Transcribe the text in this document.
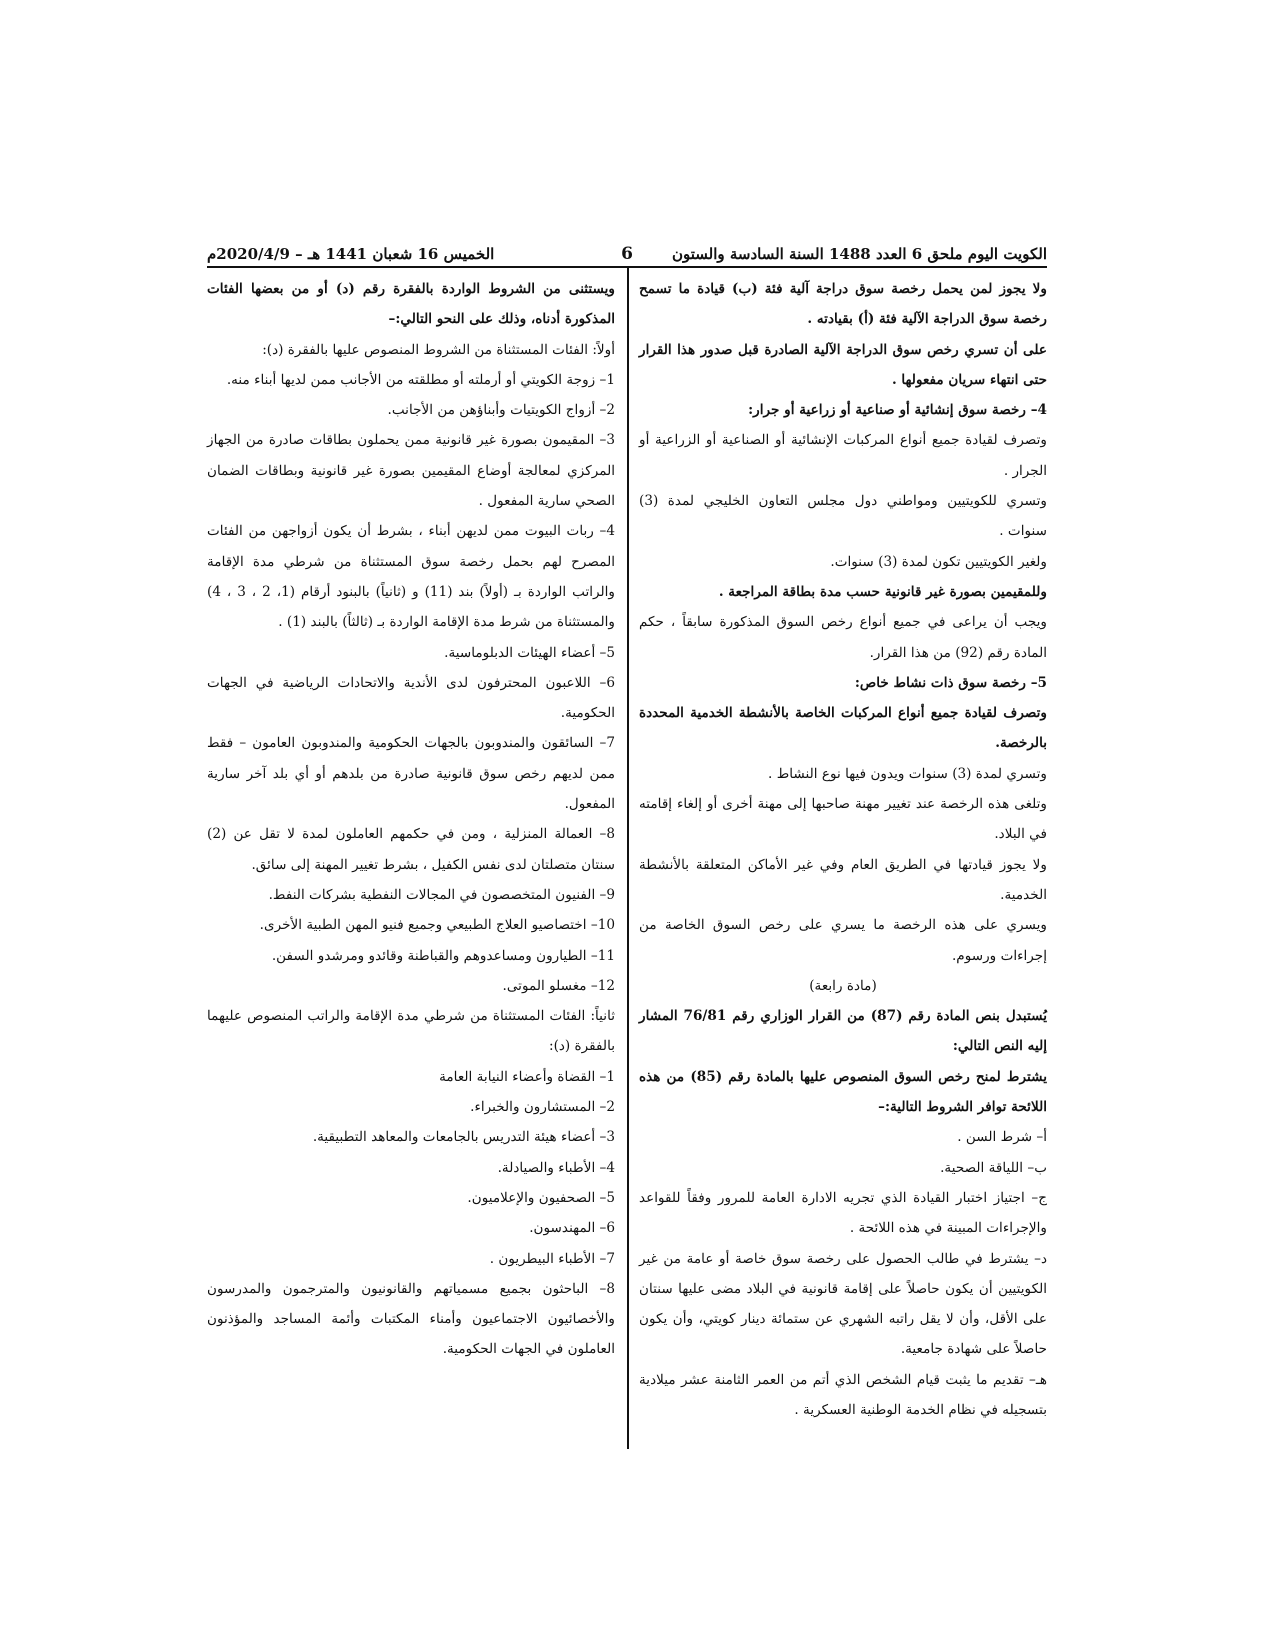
الكويت اليوم ملحق 6 العدد 1488 السنة السادسة والستون
6
الخميس 16 شعبان 1441 هـ – 2020/4/9م

ولا يجوز لمن يحمل رخصة سوق دراجة آلية فئة (ب) قيادة ما تسمح رخصة سوق الدراجة الآلية فئة (أ) بقيادته .

على أن تسري رخص سوق الدراجة الآلية الصادرة قبل صدور هذا القرار حتى انتهاء سريان مفعولها .

4– رخصة سوق إنشائية أو صناعية أو زراعية أو جرار:

وتصرف لقيادة جميع أنواع المركبات الإنشائية أو الصناعية أو الزراعية أو الجرار .

وتسري للكويتيين ومواطني دول مجلس التعاون الخليجي لمدة (3) سنوات .

ولغير الكويتيين تكون لمدة (3) سنوات.

وللمقيمين بصورة غير قانونية حسب مدة بطاقة المراجعة .

ويجب أن يراعى في جميع أنواع رخص السوق المذكورة سابقاً ، حكم المادة رقم (92) من هذا القرار.

5– رخصة سوق ذات نشاط خاص:

وتصرف لقيادة جميع أنواع المركبات الخاصة بالأنشطة الخدمية المحددة بالرخصة.

وتسري لمدة (3) سنوات ويدون فيها نوع النشاط .

وتلغى هذه الرخصة عند تغيير مهنة صاحبها إلى مهنة أخرى أو إلغاء إقامته في البلاد.

ولا يجوز قيادتها في الطريق العام وفي غير الأماكن المتعلقة بالأنشطة الخدمية.

ويسري على هذه الرخصة ما يسري على رخص السوق الخاصة من إجراءات ورسوم.

(مادة رابعة)

يُستبدل بنص المادة رقم (87) من القرار الوزاري رقم 76/81 المشار إليه النص التالي:

يشترط لمنح رخص السوق المنصوص عليها بالمادة رقم (85) من هذه اللائحة توافر الشروط التالية:–

أ– شرط السن .

ب– اللياقة الصحية.

ج– اجتياز اختبار القيادة الذي تجريه الادارة العامة للمرور وفقاً للقواعد والإجراءات المبينة في هذه اللائحة .

د– يشترط في طالب الحصول على رخصة سوق خاصة أو عامة من غير الكويتيين أن يكون حاصلاً على إقامة قانونية في البلاد مضى عليها سنتان على الأقل، وأن لا يقل راتبه الشهري عن ستمائة دينار كويتي، وأن يكون حاصلاً على شهادة جامعية.

هـ– تقديم ما يثبت قيام الشخص الذي أتم من العمر الثامنة عشر ميلادية بتسجيله في نظام الخدمة الوطنية العسكرية .

ويستثنى من الشروط الواردة بالفقرة رقم (د) أو من بعضها الفئات المذكورة أدناه، وذلك على النحو التالي:–

أولاً: الفئات المستثناة من الشروط المنصوص عليها بالفقرة (د):

1– زوجة الكويتي أو أرملته أو مطلقته من الأجانب ممن لديها أبناء منه.

2– أزواج الكويتيات وأبناؤهن من الأجانب.

3– المقيمون بصورة غير قانونية ممن يحملون بطاقات صادرة من الجهاز المركزي لمعالجة أوضاع المقيمين بصورة غير قانونية وبطاقات الضمان الصحي سارية المفعول .

4– ربات البيوت ممن لديهن أبناء ، بشرط أن يكون أزواجهن من الفئات المصرح لهم بحمل رخصة سوق المستثناة من شرطي مدة الإقامة والراتب الواردة بـ (أولاً) بند (11) و (ثانياً) بالبنود أرقام (1، 2 ، 3 ، 4) والمستثناة من شرط مدة الإقامة الواردة بـ (ثالثاً) بالبند (1) .

5– أعضاء الهيئات الدبلوماسية.

6– اللاعبون المحترفون لدى الأندية والاتحادات الرياضية في الجهات الحكومية.

7– السائقون والمندوبون بالجهات الحكومية والمندوبون العامون – فقط ممن لديهم رخص سوق قانونية صادرة من بلدهم أو أي بلد آخر سارية المفعول.

8– العمالة المنزلية ، ومن في حكمهم العاملون لمدة لا تقل عن (2) سنتان متصلتان لدى نفس الكفيل ، بشرط تغيير المهنة إلى سائق.

9– الفنيون المتخصصون في المجالات النفطية بشركات النفط.

10– اختصاصيو العلاج الطبيعي وجميع فنيو المهن الطبية الأخرى.

11– الطيارون ومساعدوهم والقباطنة وقائدو ومرشدو السفن.

12– مغسلو الموتى.

ثانياً: الفئات المستثناة من شرطي مدة الإقامة والراتب المنصوص عليهما بالفقرة (د):

1– القضاة وأعضاء النيابة العامة

2– المستشارون والخبراء.

3– أعضاء هيئة التدريس بالجامعات والمعاهد التطبيقية.

4– الأطباء والصيادلة.

5– الصحفيون والإعلاميون.

6– المهندسون.

7– الأطباء البيطريون .

8– الباحثون بجميع مسمياتهم والقانونيون والمترجمون والمدرسون والأخصائيون الاجتماعيون وأمناء المكتبات وأئمة المساجد والمؤذنون العاملون في الجهات الحكومية.
